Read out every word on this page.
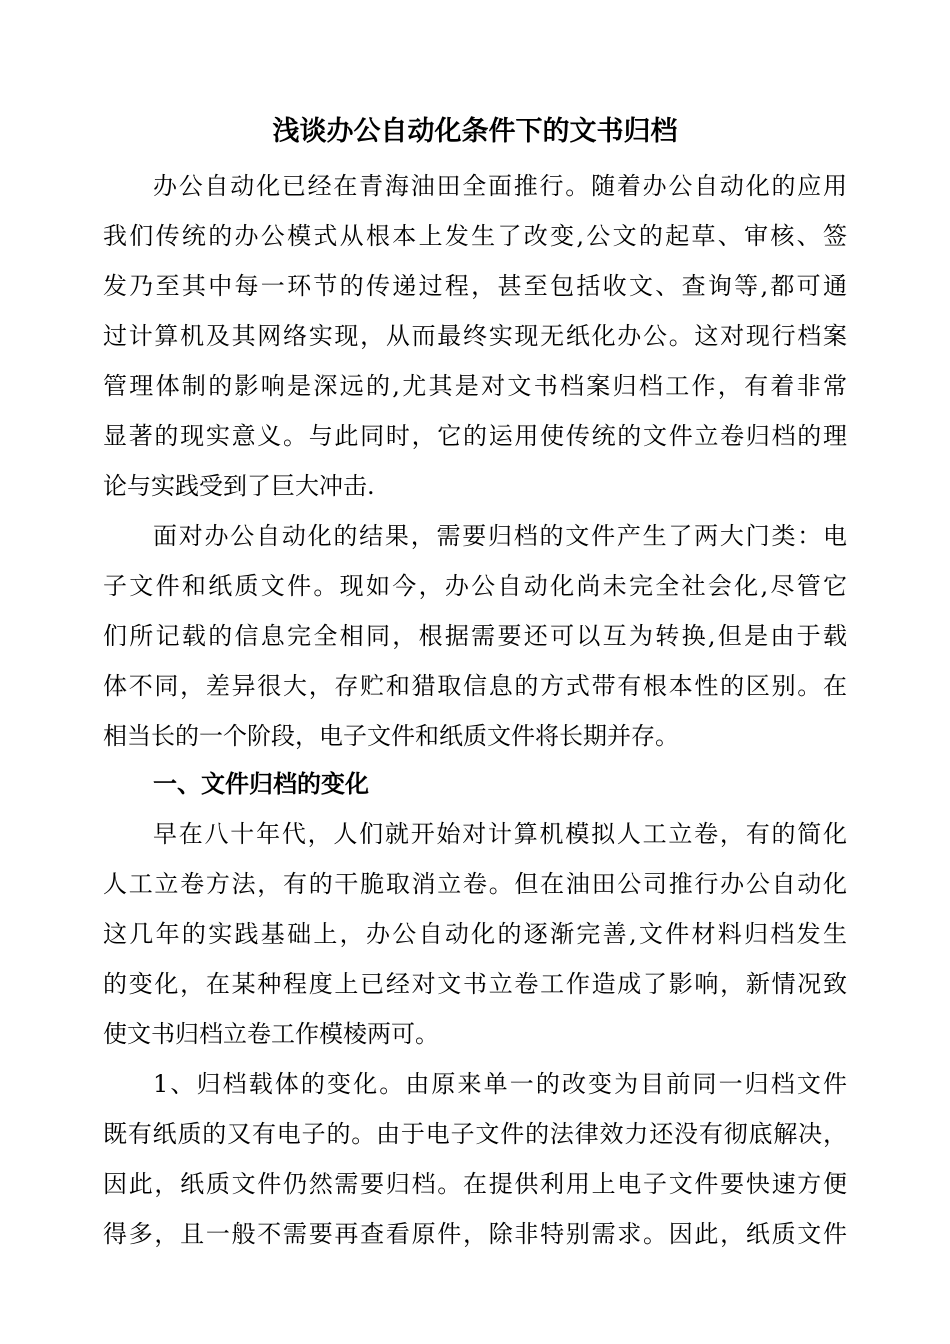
浅谈办公自动化条件下的文书归档
办公自动化已经在青海油田全面推行。随着办公自动化的应用
我们传统的办公模式从根本上发生了改变,公文的起草、审核、签
发乃至其中每一环节的传递过程，甚至包括收文、查询等,都可通
过计算机及其网络实现，从而最终实现无纸化办公。这对现行档案
管理体制的影响是深远的,尤其是对文书档案归档工作，有着非常
显著的现实意义。与此同时，它的运用使传统的文件立卷归档的理
论与实践受到了巨大冲击.
面对办公自动化的结果，需要归档的文件产生了两大门类：电
子文件和纸质文件。现如今，办公自动化尚未完全社会化,尽管它
们所记载的信息完全相同，根据需要还可以互为转换,但是由于载
体不同，差异很大，存贮和猎取信息的方式带有根本性的区别。在
相当长的一个阶段，电子文件和纸质文件将长期并存。
一、文件归档的变化
早在八十年代，人们就开始对计算机模拟人工立卷，有的简化
人工立卷方法，有的干脆取消立卷。但在油田公司推行办公自动化
这几年的实践基础上，办公自动化的逐渐完善,文件材料归档发生
的变化，在某种程度上已经对文书立卷工作造成了影响，新情况致
使文书归档立卷工作模棱两可。
1、归档载体的变化。由原来单一的改变为目前同一归档文件
既有纸质的又有电子的。由于电子文件的法律效力还没有彻底解决，
因此，纸质文件仍然需要归档。在提供利用上电子文件要快速方便
得多，且一般不需要再查看原件，除非特别需求。因此，纸质文件
